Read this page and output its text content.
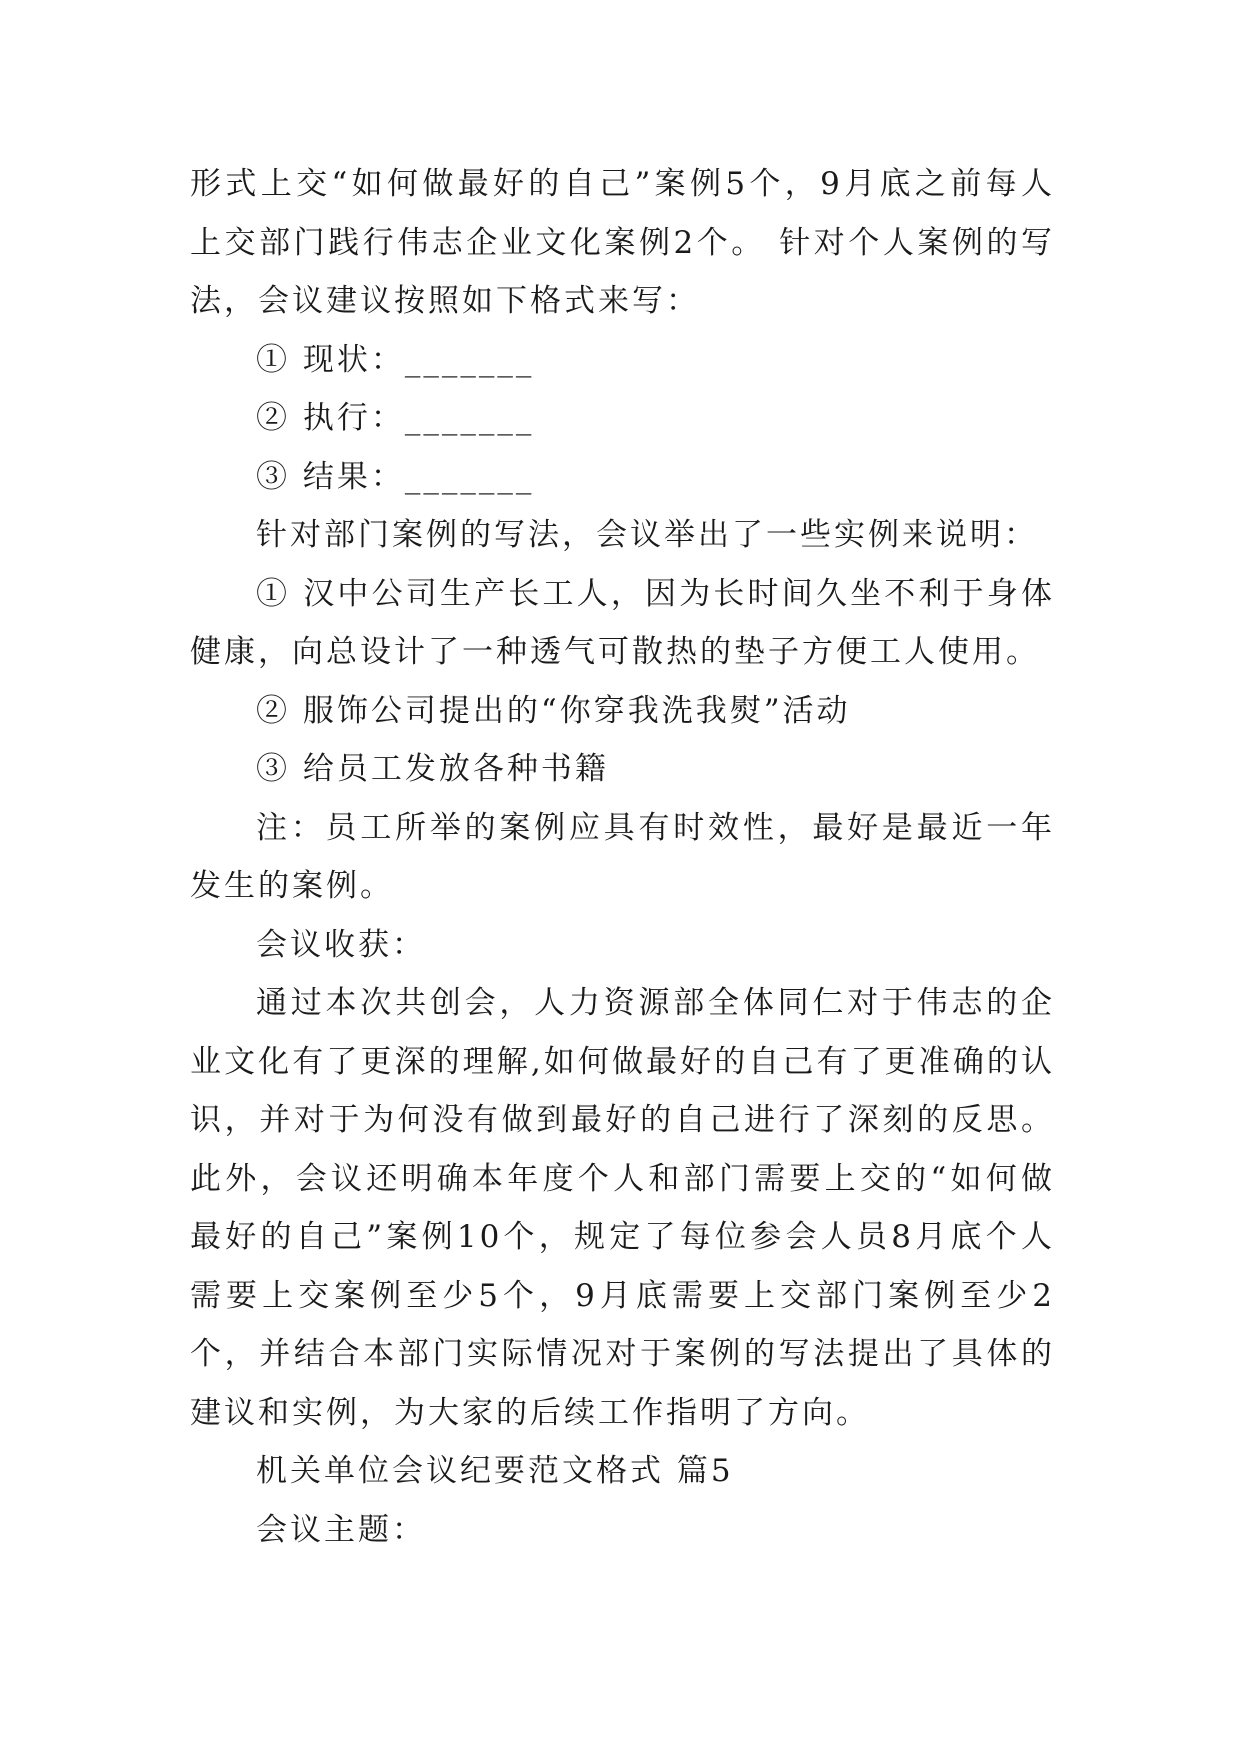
形式上交“如何做最好的自己”案例5个，9月底之前每人上交部门践行伟志企业文化案例2个。 针对个人案例的写法，会议建议按照如下格式来写：

① 现状：_______

② 执行：_______

③ 结果：_______

针对部门案例的写法，会议举出了一些实例来说明：

① 汉中公司生产长工人，因为长时间久坐不利于身体健康，向总设计了一种透气可散热的垫子方便工人使用。

② 服饰公司提出的“你穿我洗我熨”活动

③ 给员工发放各种书籍

注：员工所举的案例应具有时效性，最好是最近一年发生的案例。

会议收获：

通过本次共创会，人力资源部全体同仁对于伟志的企业文化有了更深的理解,如何做最好的自己有了更准确的认识，并对于为何没有做到最好的自己进行了深刻的反思。此外，会议还明确本年度个人和部门需要上交的“如何做最好的自己”案例10个，规定了每位参会人员8月底个人需要上交案例至少5个，9月底需要上交部门案例至少2个，并结合本部门实际情况对于案例的写法提出了具体的建议和实例，为大家的后续工作指明了方向。

机关单位会议纪要范文格式 篇5

会议主题：
